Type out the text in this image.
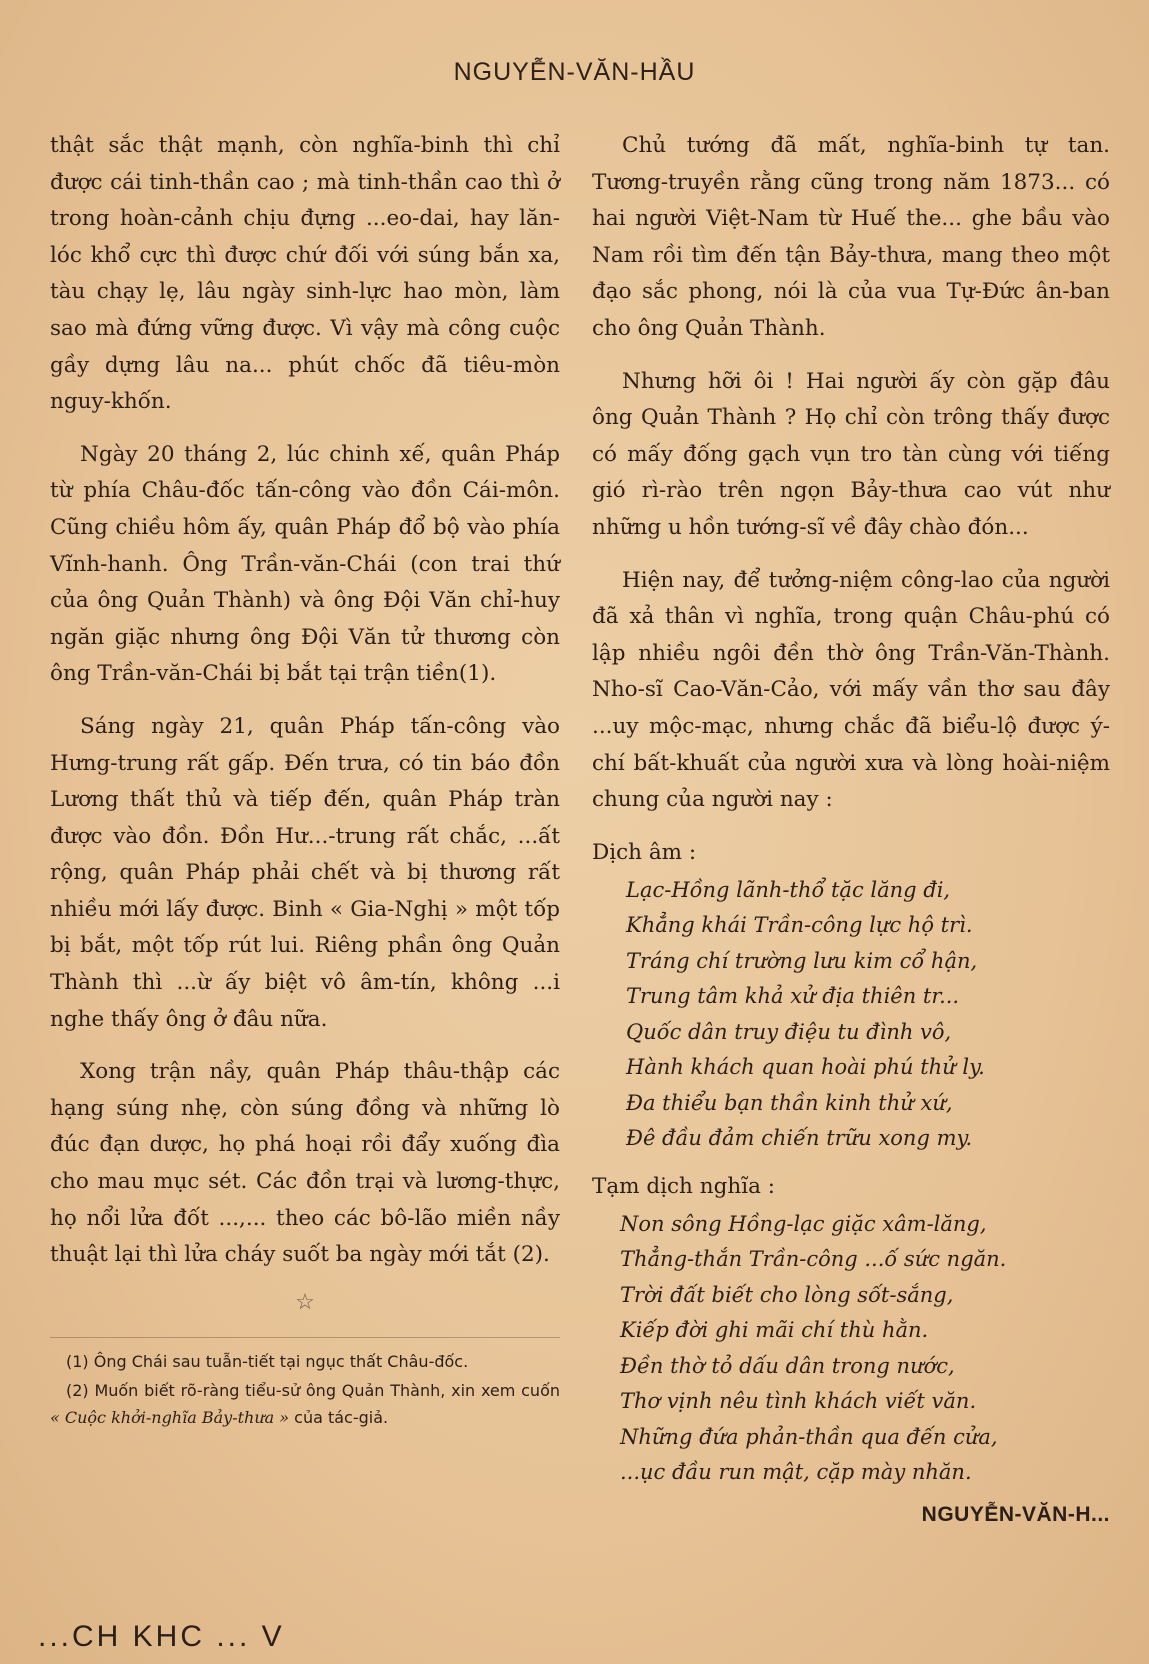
NGUYỄN-VĂN-HẦU

thật sắc thật mạnh, còn nghĩa-binh thì chỉ được cái tinh-thần cao ; mà tinh-thần cao thì ở trong hoàn-cảnh chịu đựng ...eo-dai, hay lăn-lóc khổ cực thì được chứ đối với súng bắn xa, tàu chạy lẹ, lâu ngày sinh-lực hao mòn, làm sao mà đứng vững được. Vì vậy mà công cuộc gầy dựng lâu na... phút chốc đã tiêu-mòn nguy-khốn.

Ngày 20 tháng 2, lúc chinh xế, quân Pháp từ phía Châu-đốc tấn-công vào đồn Cái-môn. Cũng chiều hôm ấy, quân Pháp đổ bộ vào phía Vĩnh-hanh. Ông Trần-văn-Chái (con trai thứ của ông Quản Thành) và ông Đội Văn chỉ-huy ngăn giặc nhưng ông Đội Văn tử thương còn ông Trần-văn-Chái bị bắt tại trận tiền(1).

Sáng ngày 21, quân Pháp tấn-công vào Hưng-trung rất gấp. Đến trưa, có tin báo đồn Lương thất thủ và tiếp đến, quân Pháp tràn được vào đồn. Đồn Hư...-trung rất chắc, ...ất rộng, quân Pháp phải chết và bị thương rất nhiều mới lấy được. Binh « Gia-Nghị » một tốp bị bắt, một tốp rút lui. Riêng phần ông Quản Thành thì ...ừ ấy biệt vô âm-tín, không ...i nghe thấy ông ở đâu nữa.

Xong trận nầy, quân Pháp thâu-thập các hạng súng nhẹ, còn súng đồng và những lò đúc đạn dược, họ phá hoại rồi đẩy xuống đìa cho mau mục sét. Các đồn trại và lương-thực, họ nổi lửa đốt ...,... theo các bô-lão miền nầy thuật lại thì lửa cháy suốt ba ngày mới tắt (2).

☆

(1) Ông Chái sau tuẫn-tiết tại ngục thất Châu-đốc.

(2) Muốn biết rõ-ràng tiểu-sử ông Quản Thành, xin xem cuốn « Cuộc khởi-nghĩa Bảy-thưa » của tác-giả.

Chủ tướng đã mất, nghĩa-binh tự tan. Tương-truyền rằng cũng trong năm 1873... có hai người Việt-Nam từ Huế the... ghe bầu vào Nam rồi tìm đến tận Bảy-thưa, mang theo một đạo sắc phong, nói là của vua Tự-Đức ân-ban cho ông Quản Thành.

Nhưng hỡi ôi ! Hai người ấy còn gặp đâu ông Quản Thành ? Họ chỉ còn trông thấy được có mấy đống gạch vụn tro tàn cùng với tiếng gió rì-rào trên ngọn Bảy-thưa cao vút như những u hồn tướng-sĩ về đây chào đón...

Hiện nay, để tưởng-niệm công-lao của người đã xả thân vì nghĩa, trong quận Châu-phú có lập nhiều ngôi đền thờ ông Trần-Văn-Thành. Nho-sĩ Cao-Văn-Cảo, với mấy vần thơ sau đây ...uy mộc-mạc, nhưng chắc đã biểu-lộ được ý-chí bất-khuất của người xưa và lòng hoài-niệm chung của người nay :

Dịch âm :
Lạc-Hồng lãnh-thổ tặc lăng đi,
Khẳng khái Trần-công lực hộ trì.
Tráng chí trường lưu kim cổ hận,
Trung tâm khả xử địa thiên tr...
Quốc dân truy điệu tu đình vô,
Hành khách quan hoài phú thử ly.
Đa thiểu bạn thần kinh thử xứ,
Đê đầu đảm chiến trữu xong my.
Tạm dịch nghĩa :
Non sông Hồng-lạc giặc xâm-lăng,
Thẳng-thắn Trần-công ...ố sức ngăn.
Trời đất biết cho lòng sốt-sắng,
Kiếp đời ghi mãi chí thù hằn.
Đền thờ tỏ dấu dân trong nước,
Thơ vịnh nêu tình khách viết văn.
Những đứa phản-thần qua đến cửa,
...ục đầu run mật, cặp mày nhăn.
NGUYỄN-VĂN-H...
...CH KHC ... V
